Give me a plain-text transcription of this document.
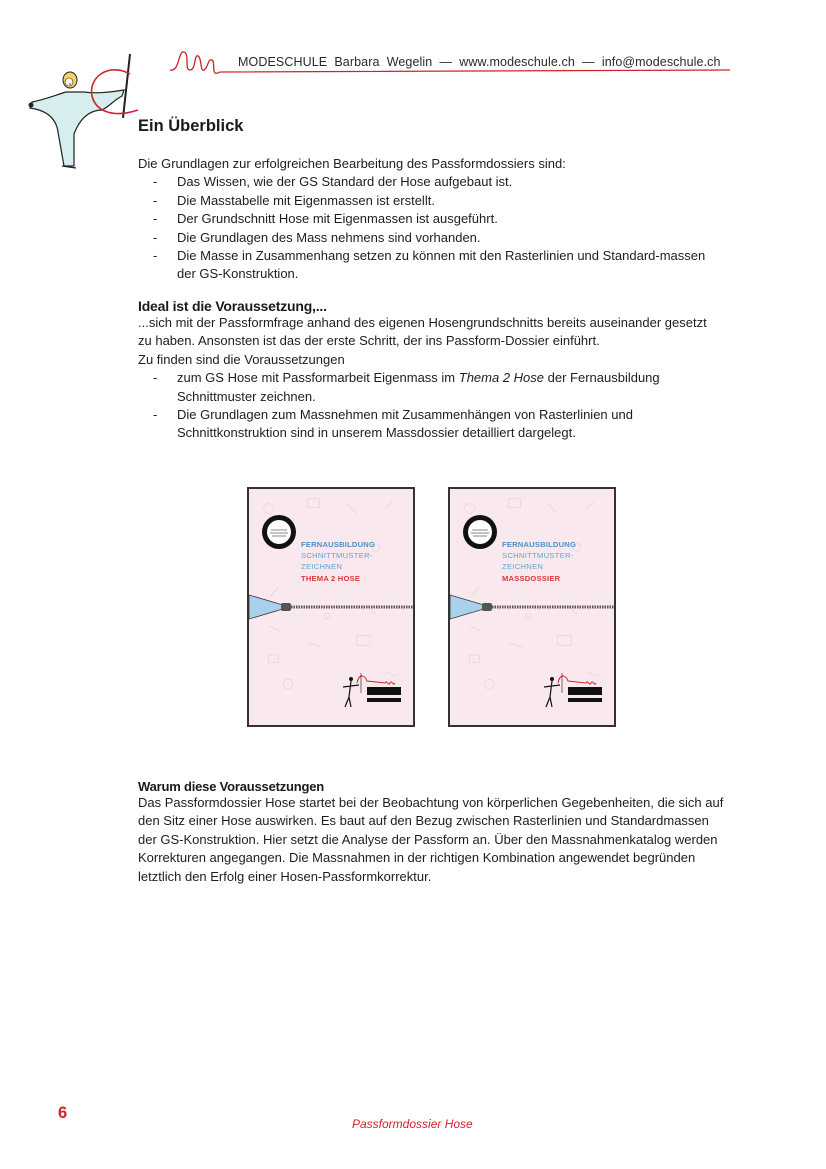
MODESCHULE Barbara  Wegelin — www.modeschule.ch — info@modeschule.ch
Ein Überblick

Die Grundlagen zur erfolgreichen Bearbeitung des Passformdossiers sind:

- Das Wissen, wie der GS Standard der Hose aufgebaut ist.
- Die Masstabelle mit Eigenmassen ist erstellt.
- Der Grundschnitt Hose mit Eigenmassen ist ausgeführt.
- Die Grundlagen des Mass nehmens sind vorhanden.
- Die Masse in Zusammenhang setzen zu können mit den Rasterlinien und Standard-massen der GS-Konstruktion.
Ideal ist die Voraussetzung,...

...sich mit der Passformfrage anhand des eigenen Hosengrundschnitts bereits auseinander gesetzt zu haben. Ansonsten ist das der erste Schritt, der ins Passform-Dossier einführt.

Zu finden sind die Voraussetzungen

- zum GS Hose mit Passformarbeit Eigenmass im Thema 2 Hose der Fernausbildung Schnittmuster zeichnen.
- Die Grundlagen zum Massnehmen mit Zusammenhängen von Rasterlinien und Schnittkonstruktion sind in unserem Massdossier detailliert dargelegt.
FERNAUSBILDUNG
SCHNITTMUSTER-ZEICHNEN
THEMA 2 HOSE
FERNAUSBILDUNG
SCHNITTMUSTER-ZEICHNEN
MASSDOSSIER
Warum diese Voraussetzungen

Das Passformdossier Hose startet bei der Beobachtung von körperlichen Gegebenheiten, die sich auf den Sitz einer Hose auswirken. Es baut auf den Bezug zwischen Rasterlinien und Standardmassen der GS-Konstruktion. Hier setzt die Analyse der Passform an. Über den Massnahmenkatalog werden Korrekturen angegangen. Die Massnahmen in der richtigen Kombination angewendet begründen letztlich den Erfolg einer Hosen-Passformkorrektur.

6
Passformdossier Hose
